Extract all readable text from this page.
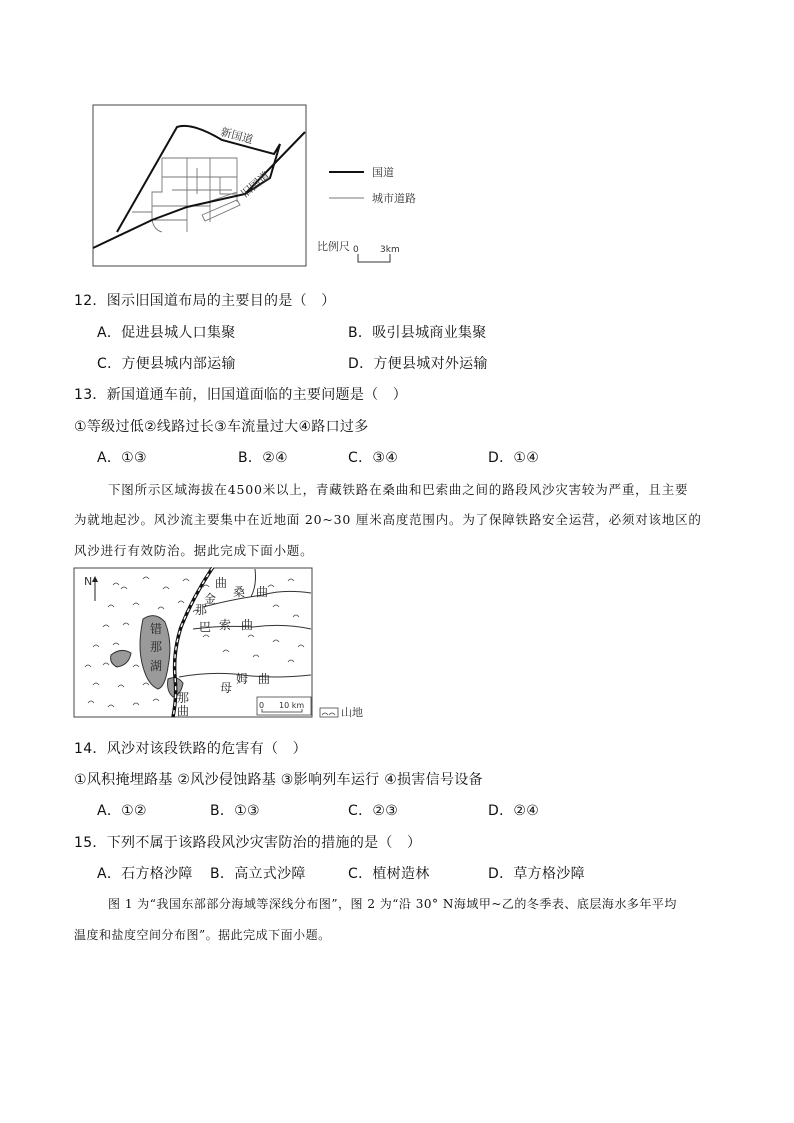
新国道
旧国道	国道
城市道路
比例尺 0 3km
12．图示旧国道布局的主要目的是（　）
A．促进县城人口集聚	B．吸引县城商业集聚
C．方便县城内部运输	D．方便县城对外运输
13．新国道通车前，旧国道面临的主要问题是（　）
①等级过低②线路过长③车流量过大④路口过多
A．①③	B．②④	C．③④	D．①④
下图所示区域海拔在4500米以上，青藏铁路在桑曲和巴索曲之间的路段风沙灾害较为严重，且主要
为就地起沙。风沙流主要集中在近地面 20~30 厘米高度范围内。为了保障铁路安全运营，必须对该地区的
风沙进行有效防治。据此完成下面小题。
N
错
那
湖
曲
桑 曲
金
那
巴 索 曲
母
姆 曲
那
曲	0 10 km
山地
14．风沙对该段铁路的危害有（　）
①风积掩埋路基 ②风沙侵蚀路基 ③影响列车运行 ④损害信号设备
A．①②	B．①③	C．②③	D．②④
15．下列不属于该路段风沙灾害防治的措施的是（　）
A．石方格沙障 B．高立式沙障	C．植树造林	D．草方格沙障
图 1 为“我国东部部分海域等深线分布图”，图 2 为“沿 30° N海域甲~乙的冬季表、底层海水多年平均
温度和盐度空间分布图”。据此完成下面小题。
